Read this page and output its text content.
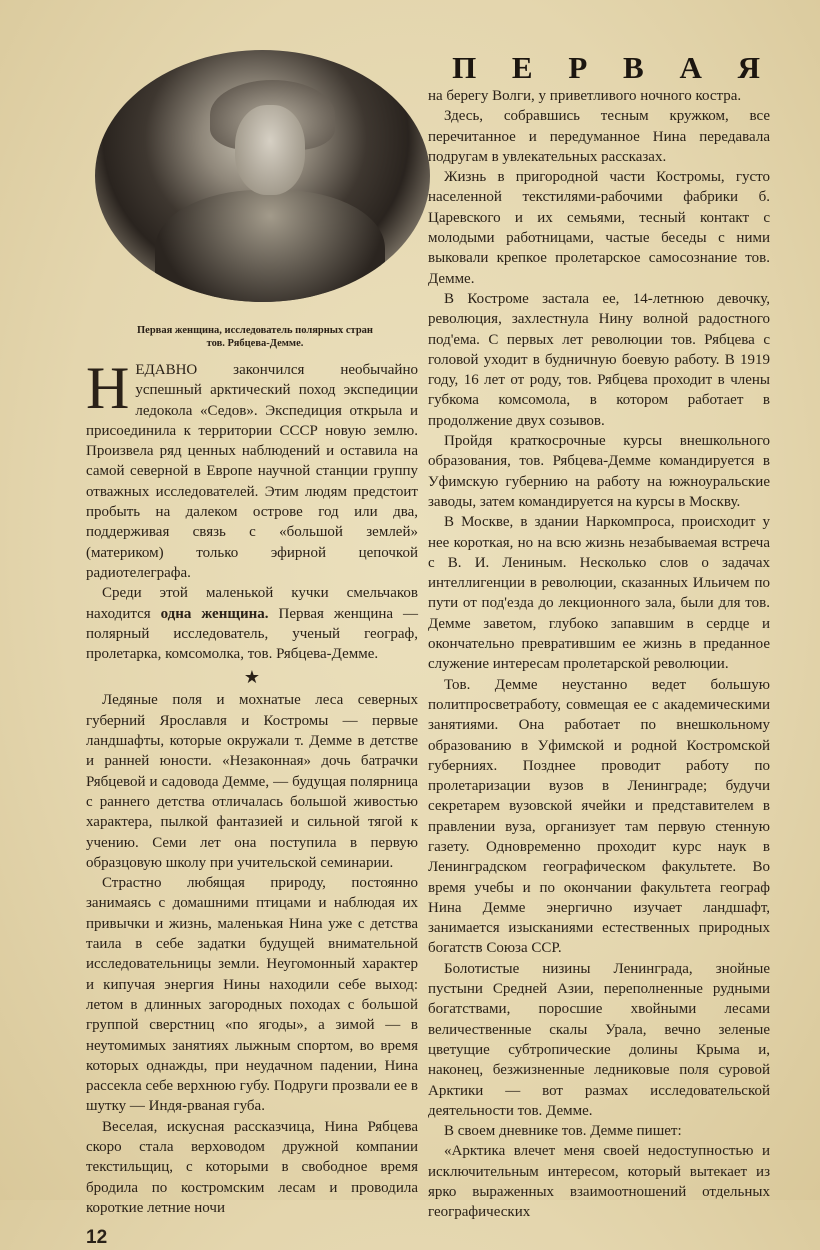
Первая женщина, исследователь полярных стран
тов. Рябцева-Демме.

НЕДАВНО закончился необычайно успешный арктический поход экспедиции ледокола «Седов». Экспедиция открыла и присоединила к территории СССР новую землю. Произвела ряд ценных наблюдений и оставила на самой северной в Европе научной станции группу отважных исследователей. Этим людям предстоит пробыть на далеком острове год или два, поддерживая связь с «большой землей» (материком) только эфирной цепочкой радиотелеграфа.

Среди этой маленькой кучки смельчаков находится одна женщина. Первая женщина — полярный исследователь, ученый географ, пролетарка, комсомолка, тов. Рябцева-Демме.

★

Ледяные поля и мохнатые леса северных губерний Ярославля и Костромы — первые ландшафты, которые окружали т. Демме в детстве и ранней юности. «Незаконная» дочь батрачки Рябцевой и садовода Демме, — будущая полярница с раннего детства отличалась большой живостью характера, пылкой фантазией и сильной тягой к учению. Семи лет она поступила в первую образцовую школу при учительской семинарии.

Страстно любящая природу, постоянно занимаясь с домашними птицами и наблюдая их привычки и жизнь, маленькая Нина уже с детства таила в себе задатки будущей внимательной исследовательницы земли. Неугомонный характер и кипучая энергия Нины находили себе выход: летом в длинных загородных походах с большой группой сверстниц «по ягоды», а зимой — в неутомимых занятиях лыжным спортом, во время которых однажды, при неудачном падении, Нина рассекла себе верхнюю губу. Подруги прозвали ее в шутку — Индя-рваная губа.

Веселая, искусная рассказчица, Нина Рябцева скоро стала верховодом дружной компании текстильщиц, с которыми в свободное время бродила по костромским лесам и проводила короткие летние ночи

12
П Е Р В А Я

на берегу Волги, у приветливого ночного костра.

Здесь, собравшись тесным кружком, все перечитанное и передуманное Нина передавала подругам в увлекательных рассказах.

Жизнь в пригородной части Костромы, густо населенной текстилями-рабочими фабрики б. Царевского и их семьями, тесный контакт с молодыми работницами, частые беседы с ними выковали крепкое пролетарское самосознание тов. Демме.

В Костроме застала ее, 14-летнюю девочку, революция, захлестнула Нину волной радостного под'ема. С первых лет революции тов. Рябцева с головой уходит в будничную боевую работу. В 1919 году, 16 лет от роду, тов. Рябцева проходит в члены губкома комсомола, в котором работает в продолжение двух созывов.

Пройдя краткосрочные курсы внешкольного образования, тов. Рябцева-Демме командируется в Уфимскую губернию на работу на южноуральские заводы, затем командируется на курсы в Москву.

В Москве, в здании Наркомпроса, происходит у нее короткая, но на всю жизнь незабываемая встреча с В. И. Лениным. Несколько слов о задачах интеллигенции в революции, сказанных Ильичем по пути от под'езда до лекционного зала, были для тов. Демме заветом, глубоко запавшим в сердце и окончательно превратившим ее жизнь в преданное служение интересам пролетарской революции.

Тов. Демме неустанно ведет большую политпросветработу, совмещая ее с академическими занятиями. Она работает по внешкольному образованию в Уфимской и родной Костромской губерниях. Позднее проводит работу по пролетаризации вузов в Ленинграде; будучи секретарем вузовской ячейки и представителем в правлении вуза, организует там первую стенную газету. Одновременно проходит курс наук в Ленинградском географическом факультете. Во время учебы и по окончании факультета географ Нина Демме энергично изучает ландшафт, занимается изысканиями естественных природных богатств Союза ССР.

Болотистые низины Ленинграда, знойные пустыни Средней Азии, переполненные рудными богатствами, поросшие хвойными лесами величественные скалы Урала, вечно зеленые цветущие субтропические долины Крыма и, наконец, безжизненные ледниковые поля суровой Арктики — вот размах исследовательской деятельности тов. Демме.

В своем дневнике тов. Демме пишет:

«Арктика влечет меня своей недоступностью и исключительным интересом, который вытекает из ярко выраженных взаимоотношений отдельных географических
